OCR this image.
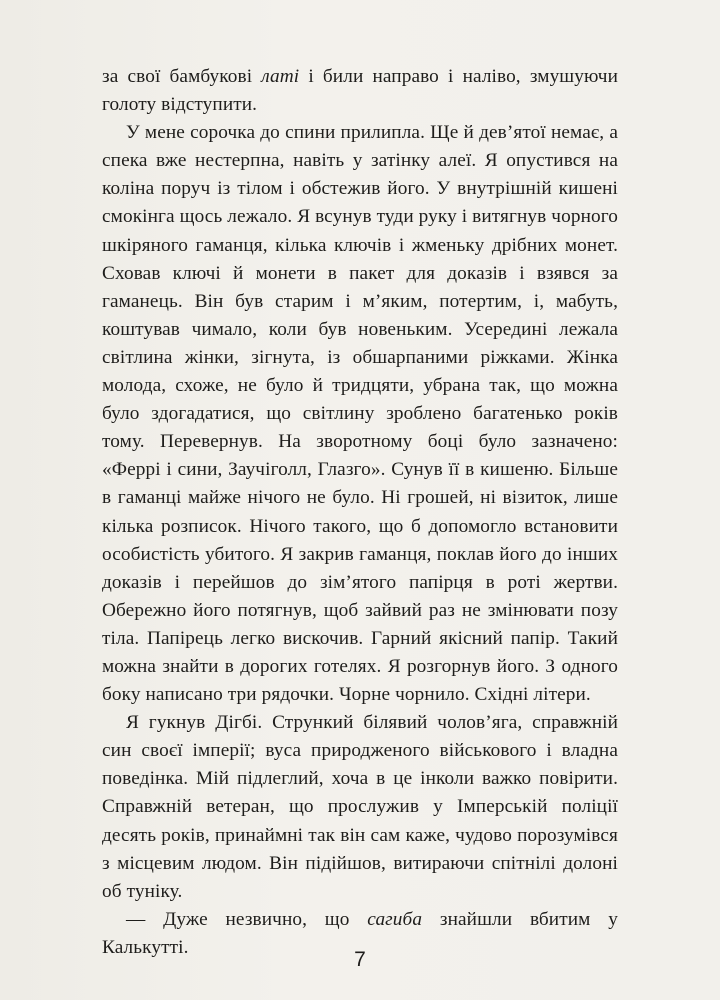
за свої бамбукові латі і били направо і наліво, змушуючи голоту відступити.

У мене сорочка до спини прилипла. Ще й дев’ятої немає, а спека вже нестерпна, навіть у затінку алеї. Я опустився на коліна поруч із тілом і обстежив його. У внутрішній кишені смокінга щось лежало. Я всунув туди руку і витягнув чорного шкіряного гаманця, кілька ключів і жменьку дрібних монет. Сховав ключі й монети в пакет для доказів і взявся за гаманець. Він був старим і м’яким, потертим, і, мабуть, коштував чимало, коли був новеньким. Усередині лежала світлина жінки, зігнута, із обшарпаними ріжками. Жінка молода, схоже, не було й тридцяти, убрана так, що можна було здогадатися, що світлину зроблено багатенько років тому. Перевернув. На зворотному боці було зазначено: «Феррі і сини, Заучіголл, Глазго». Сунув її в кишеню. Більше в гаманці майже нічого не було. Ні грошей, ні візиток, лише кілька розписок. Нічого такого, що б допомогло встановити особистість убитого. Я закрив гаманця, поклав його до інших доказів і перейшов до зім’ятого папірця в роті жертви. Обережно його потягнув, щоб зайвий раз не змінювати позу тіла. Папірець легко вискочив. Гарний якісний папір. Такий можна знайти в дорогих готелях. Я розгорнув його. З одного боку написано три рядочки. Чорне чорнило. Східні літери.

Я гукнув Дігбі. Стрункий білявий чолов’яга, справжній син своєї імперії; вуса природженого військового і владна поведінка. Мій підлеглий, хоча в це інколи важко повірити. Справжній ветеран, що прослужив у Імперській поліції десять років, принаймні так він сам каже, чудово порозумівся з місцевим людом. Він підійшов, витираючи спітнілі долоні об туніку.

— Дуже незвично, що сагиба знайшли вбитим у Калькутті.

7
